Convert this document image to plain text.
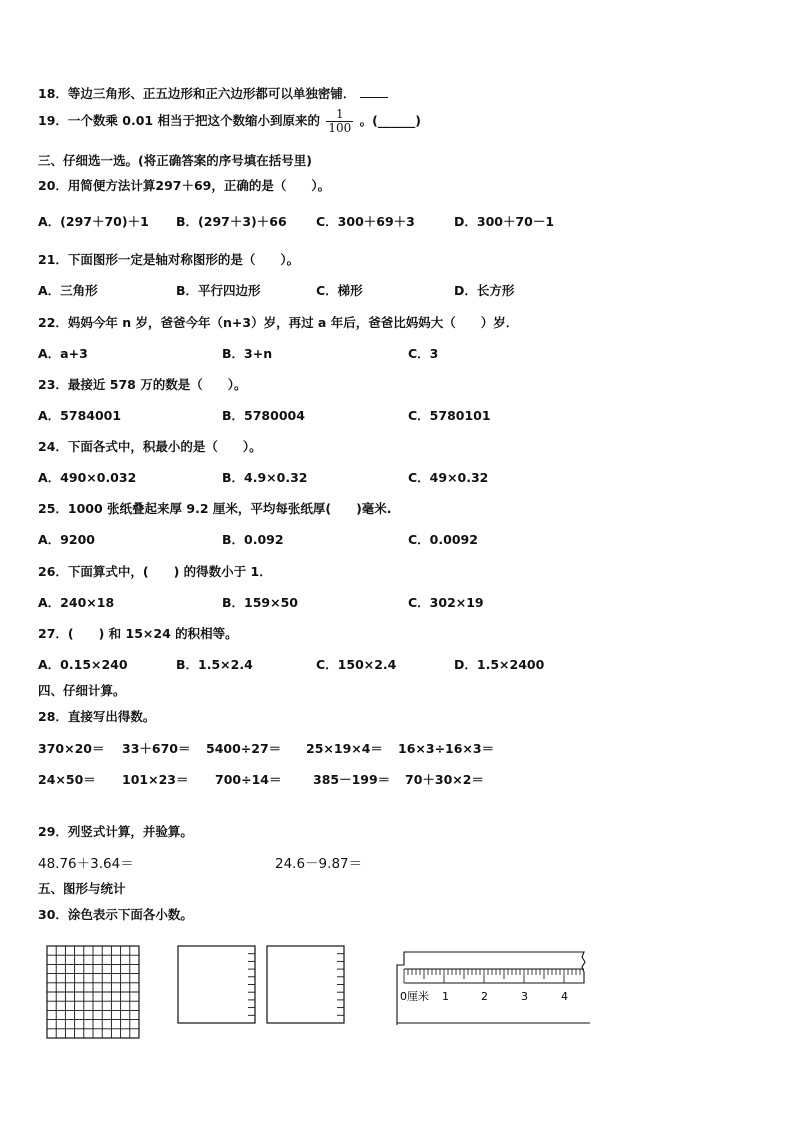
18．等边三角形、正五边形和正六边形都可以单独密铺．
19．一个数乘 0.01 相当于把这个数缩小到原来的 $\frac{1}{100}$ 。(______)
三、仔细选一选。(将正确答案的序号填在括号里)
20．用简便方法计算297＋69，正确的是（　　）。
A．(297＋70)＋1 B．(297＋3)＋66 C．300＋69＋3	D．300＋70－1
21．下面图形一定是轴对称图形的是（　　）。
A．三角形	B．平行四边形	C．梯形	D．长方形
22．妈妈今年 n 岁，爸爸今年（n+3）岁，再过 a 年后，爸爸比妈妈大（　　）岁．
A．a+3	B．3+n	C．3
23．最接近 578 万的数是（　　）。
A．5784001	B．5780004	C．5780101
24．下面各式中，积最小的是（　　）。
A．490×0.032	B．4.9×0.32	C．49×0.32
25．1000 张纸叠起来厚 9.2 厘米，平均每张纸厚(　　)毫米.
A．9200	B．0.092	C．0.0092
26．下面算式中，(　　) 的得数小于 1．
A．240×18	B．159×50	C．302×19
27．(　　) 和 15×24 的积相等。
A．0.15×240	B．1.5×2.4	C．150×2.4	D．1.5×2400
四、仔细计算。
28．直接写出得数。
370×20＝ 33＋670＝ 5400÷27＝ 25×19×4＝ 16×3÷16×3＝
24×50＝ 101×23＝ 700÷14＝	385－199＝ 70＋30×2＝
29．列竖式计算，并验算。
48.76＋3.64＝	24.6－9.87＝
五、图形与统计
30．涂色表示下面各小数。
0厘米 1	2	3	4
